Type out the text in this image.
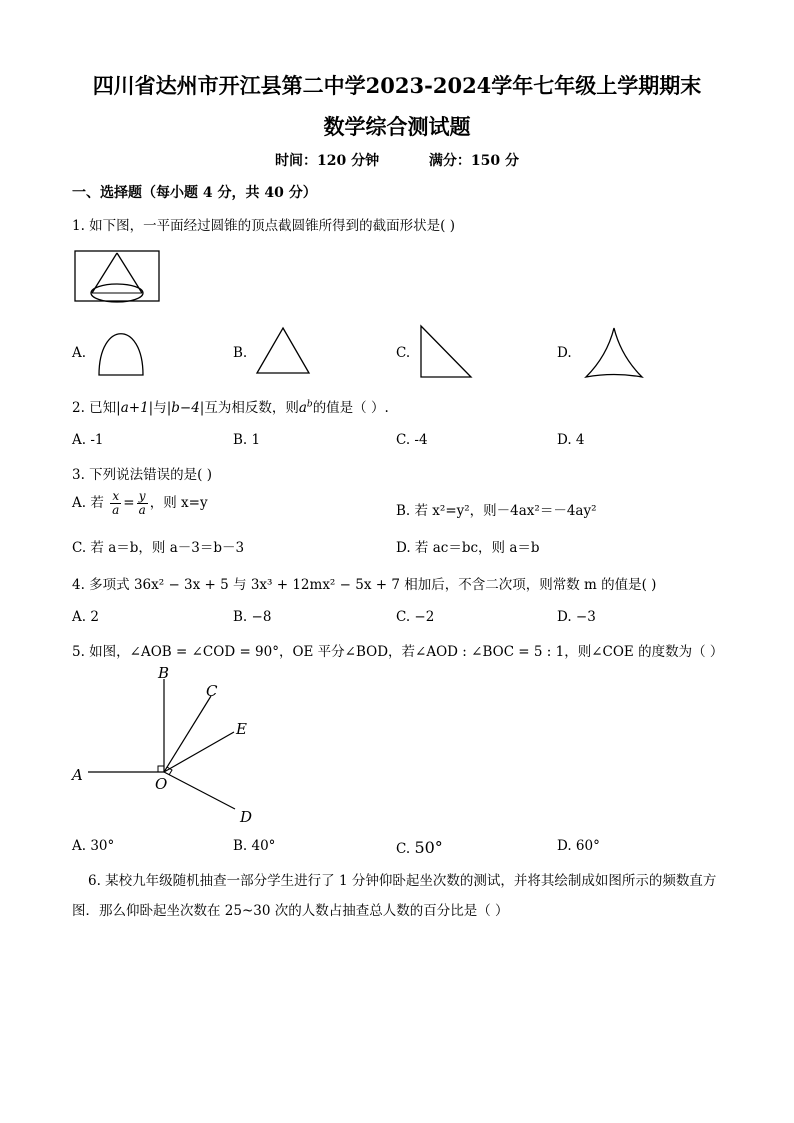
四川省达州市开江县第二中学2023-2024学年七年级上学期期末
数学综合测试题
时间：120 分钟	满分：150 分
一、选择题（每小题 4 分，共 40 分）
1. 如下图，一平面经过圆锥的顶点截圆锥所得到的截面形状是( )
A.	B.	C.	D.
2. 已知|a+1|与|b−4|互为相反数，则$a^b$的值是（ ）.
A. -1	B. 1	C. -4	D. 4
3. 下列说法错误的是( )
A. 若 $\frac{x}{a} = \frac{y}{a}$ ，则 x=y	B. 若 x²=y²，则－4ax²＝－4ay²
C. 若 a＝b，则 a－3＝b－3	D. 若 ac＝bc，则 a＝b
4. 多项式 36x² − 3x + 5 与 3x³ + 12mx² − 5x + 7 相加后，不含二次项，则常数 m 的值是( )
A. 2	B. −8	C. −2	D. −3
5. 如图，∠AOB = ∠COD = 90°，OE 平分∠BOD，若∠AOD : ∠BOC = 5 : 1，则∠COE 的度数为（ ）
A
B
C
E
O
D
A. 30°	B. 40°	C. 50°	D. 60°
6. 某校九年级随机抽查一部分学生进行了 1 分钟仰卧起坐次数的测试，并将其绘制成如图所示的频数直方
图．那么仰卧起坐次数在 25~30 次的人数占抽查总人数的百分比是（ ）
